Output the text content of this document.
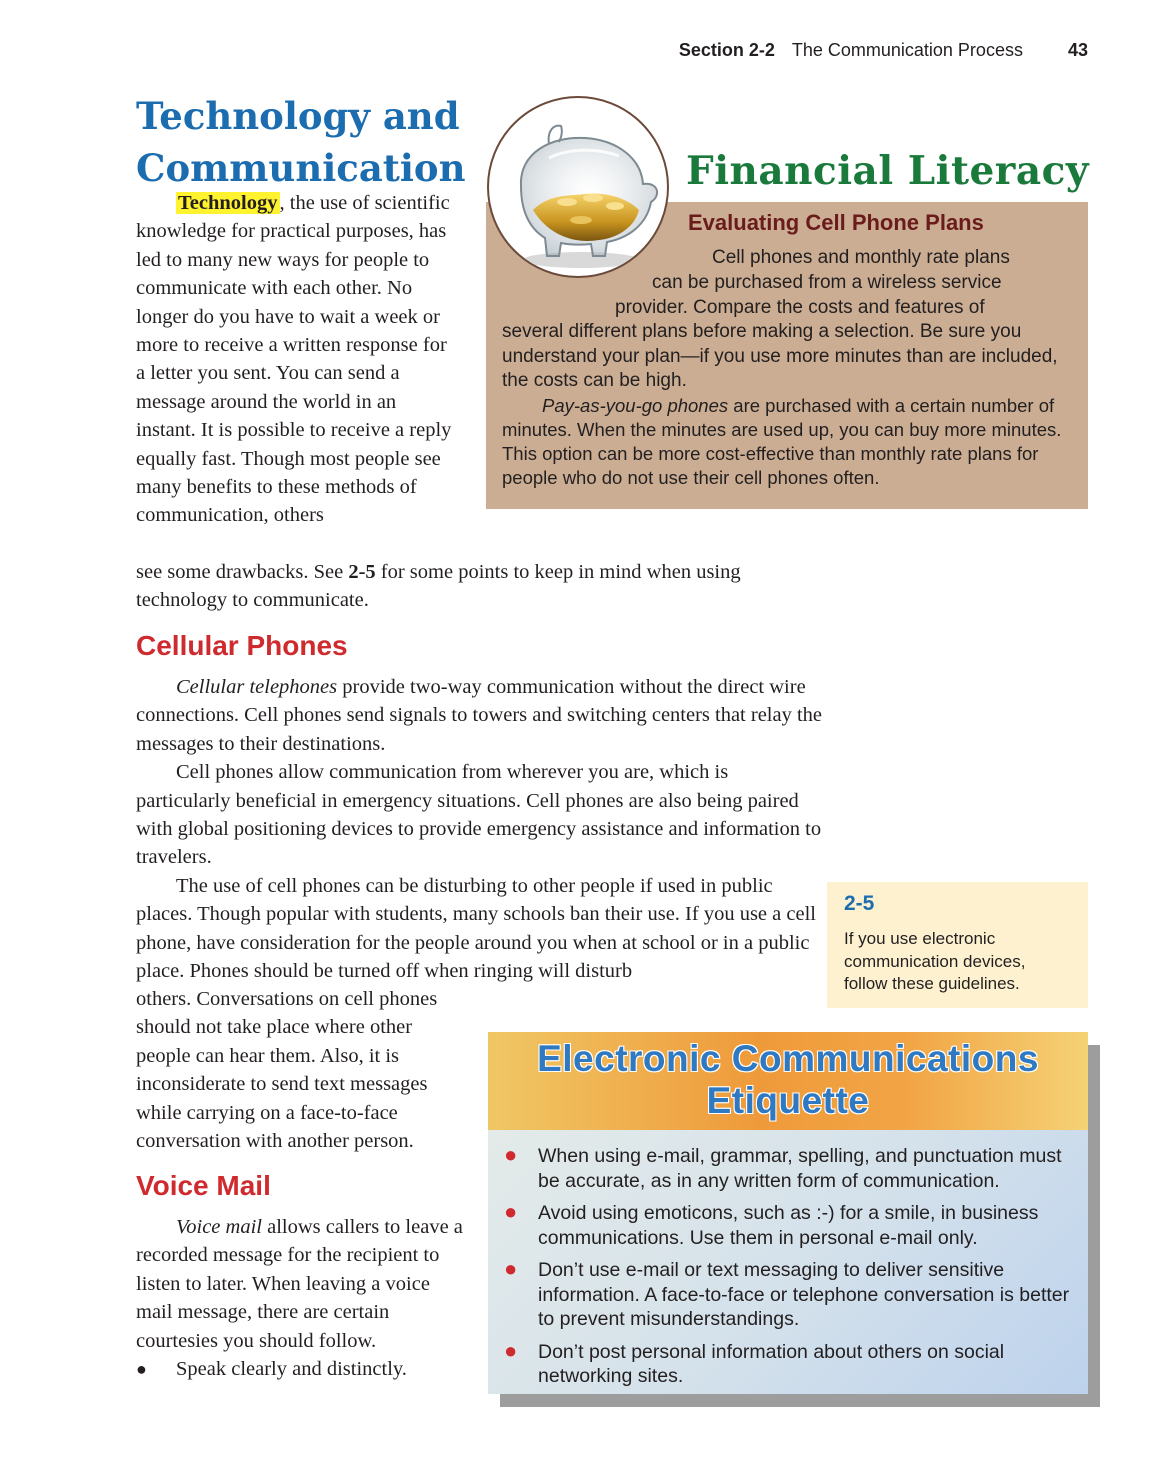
Section 2-2 The Communication Process	43
Technology and
Communication

Technology, the use of scientific knowledge for practical purposes, has led to many new ways for people to communicate with each other. No longer do you have to wait a week or more to receive a written response for a letter you sent. You can send a message around the world in an instant. It is possible to receive a reply equally fast. Though most people see many benefits to these methods of communication, others

see some drawbacks. See 2-5 for some points to keep in mind when using technology to communicate.

Financial Literacy
Evaluating Cell Phone Plans
Cell phones and monthly rate plans
can be purchased from a wireless service
provider. Compare the costs and features of
several different plans before making a selection. Be sure you understand your plan—if you use more minutes than are included, the costs can be high.

Pay-as-you-go phones are purchased with a certain number of minutes. When the minutes are used up, you can buy more minutes. This option can be more cost-effective than monthly rate plans for people who do not use their cell phones often.

Cellular Phones

Cellular telephones provide two-way communication without the direct wire connections. Cell phones send signals to towers and switching centers that relay the messages to their destinations.

Cell phones allow communication from wherever you are, which is particularly beneficial in emergency situations. Cell phones are also being paired with global positioning devices to provide emergency assistance and information to travelers.

The use of cell phones can be disturbing to other people if used in public places. Though popular with students, many schools ban their use. If you use a cell phone, have consideration for the people around you when at school or in a public place. Phones should be turned off when ringing will disturb

others. Conversations on cell phones should not take place where other people can hear them. Also, it is inconsiderate to send text messages while carrying on a face-to-face conversation with another person.

2-5
If you use electronic communication devices, follow these guidelines.
Voice Mail

Voice mail allows callers to leave a recorded message for the recipient to listen to later. When leaving a voice mail message, there are certain courtesies you should follow.

●	Speak clearly and distinctly.
Electronic Communications
Etiquette
●	When using e-mail, grammar, spelling, and punctuation must be accurate, as in any written form of communication.
●	Avoid using emoticons, such as :-) for a smile, in business communications. Use them in personal e-mail only.
●	Don’t use e-mail or text messaging to deliver sensitive information. A face-to-face or telephone conversation is better to prevent misunderstandings.
●	Don’t post personal information about others on social networking sites.
